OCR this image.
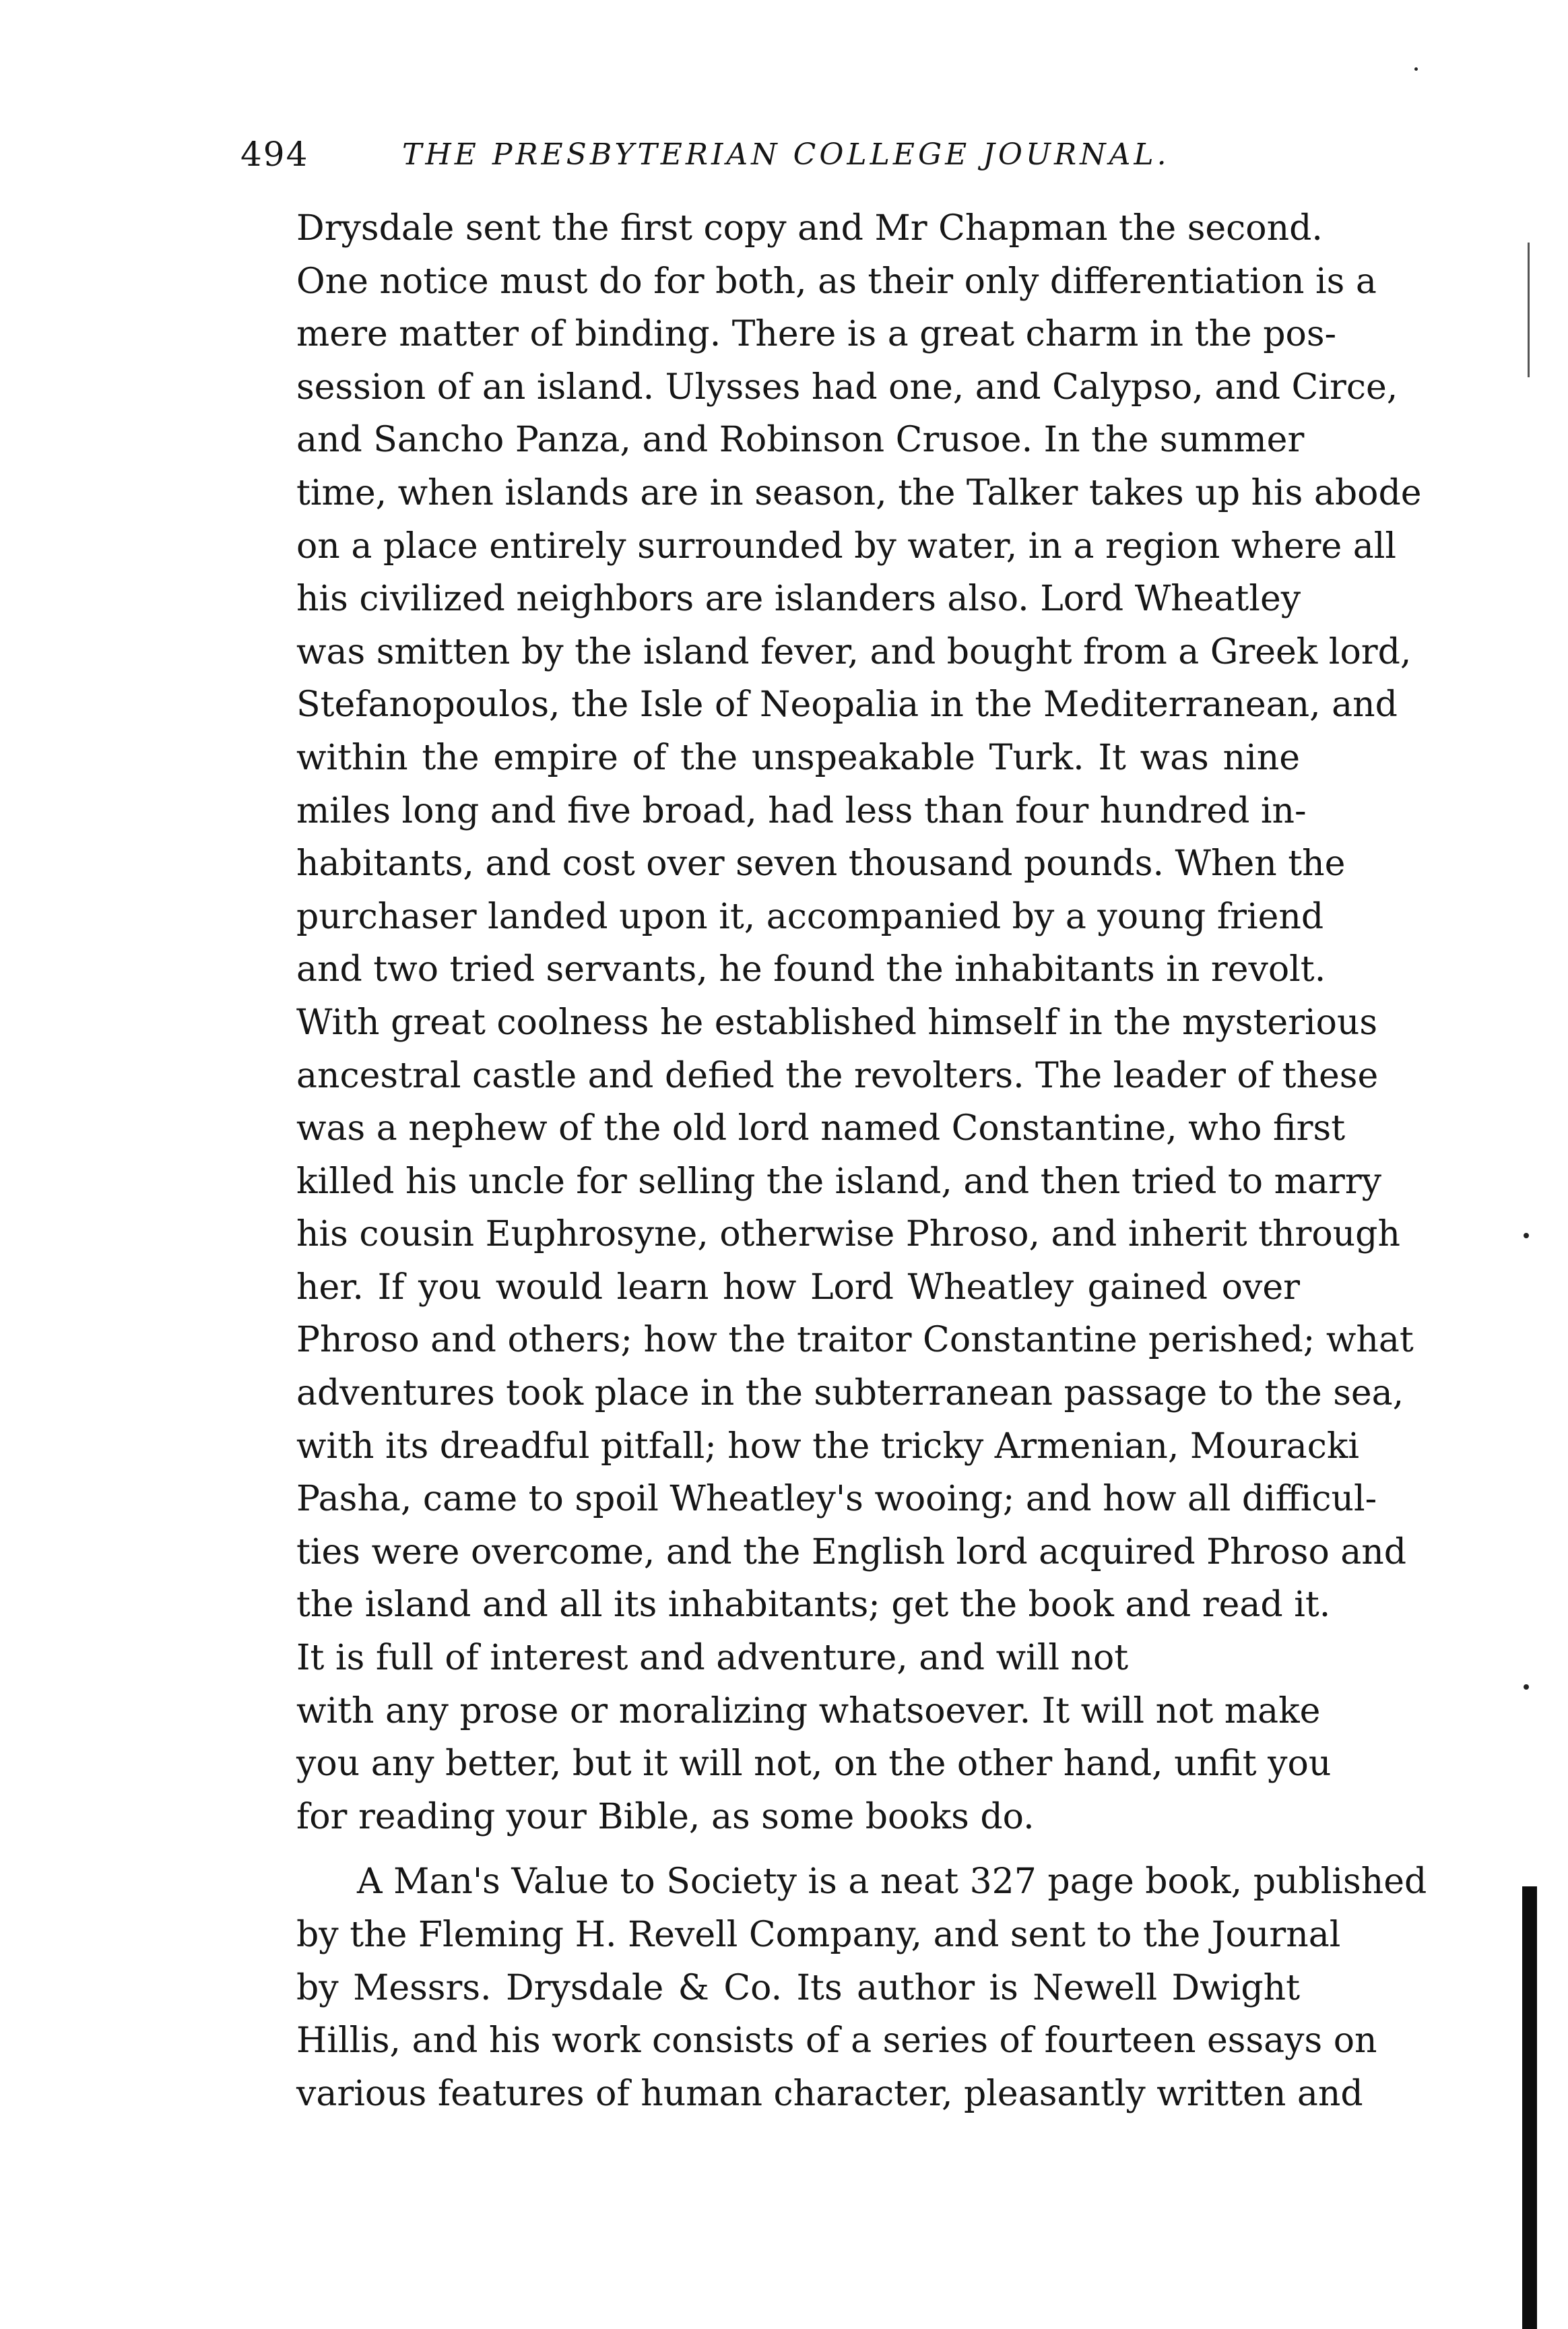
494	THE PRESBYTERIAN COLLEGE JOURNAL.
Drysdale sent the first copy and Mr Chapman the second.
One notice must do for both, as their only differentiation is a
mere matter of binding. There is a great charm in the pos-
session of an island. Ulysses had one, and Calypso, and Circe,
and Sancho Panza, and Robinson Crusoe. In the summer
time, when islands are in season, the Talker takes up his abode
on a place entirely surrounded by water, in a region where all
his civilized neighbors are islanders also. Lord Wheatley
was smitten by the island fever, and bought from a Greek lord,
Stefanopoulos, the Isle of Neopalia in the Mediterranean, and
within the empire of the unspeakable Turk. It was nine
miles long and five broad, had less than four hundred in-
habitants, and cost over seven thousand pounds. When the
purchaser landed upon it, accompanied by a young friend
and two tried servants, he found the inhabitants in revolt.
With great coolness he established himself in the mysterious
ancestral castle and defied the revolters. The leader of these
was a nephew of the old lord named Constantine, who first
killed his uncle for selling the island, and then tried to marry
his cousin Euphrosyne, otherwise Phroso, and inherit through
her. If you would learn how Lord Wheatley gained over
Phroso and others; how the traitor Constantine perished; what
adventures took place in the subterranean passage to the sea,
with its dreadful pitfall; how the tricky Armenian, Mouracki
Pasha, came to spoil Wheatley's wooing; and how all difficul-
ties were overcome, and the English lord acquired Phroso and
the island and all its inhabitants; get the book and read it.
It is full of interest and adventure, and will not
with any prose or moralizing whatsoever. It will not make
you any better, but it will not, on the other hand, unfit you
for reading your Bible, as some books do.
A Man's Value to Society is a neat 327 page book, published
by the Fleming H. Revell Company, and sent to the Journal
by Messrs. Drysdale & Co. Its author is Newell Dwight
Hillis, and his work consists of a series of fourteen essays on
various features of human character, pleasantly written and
